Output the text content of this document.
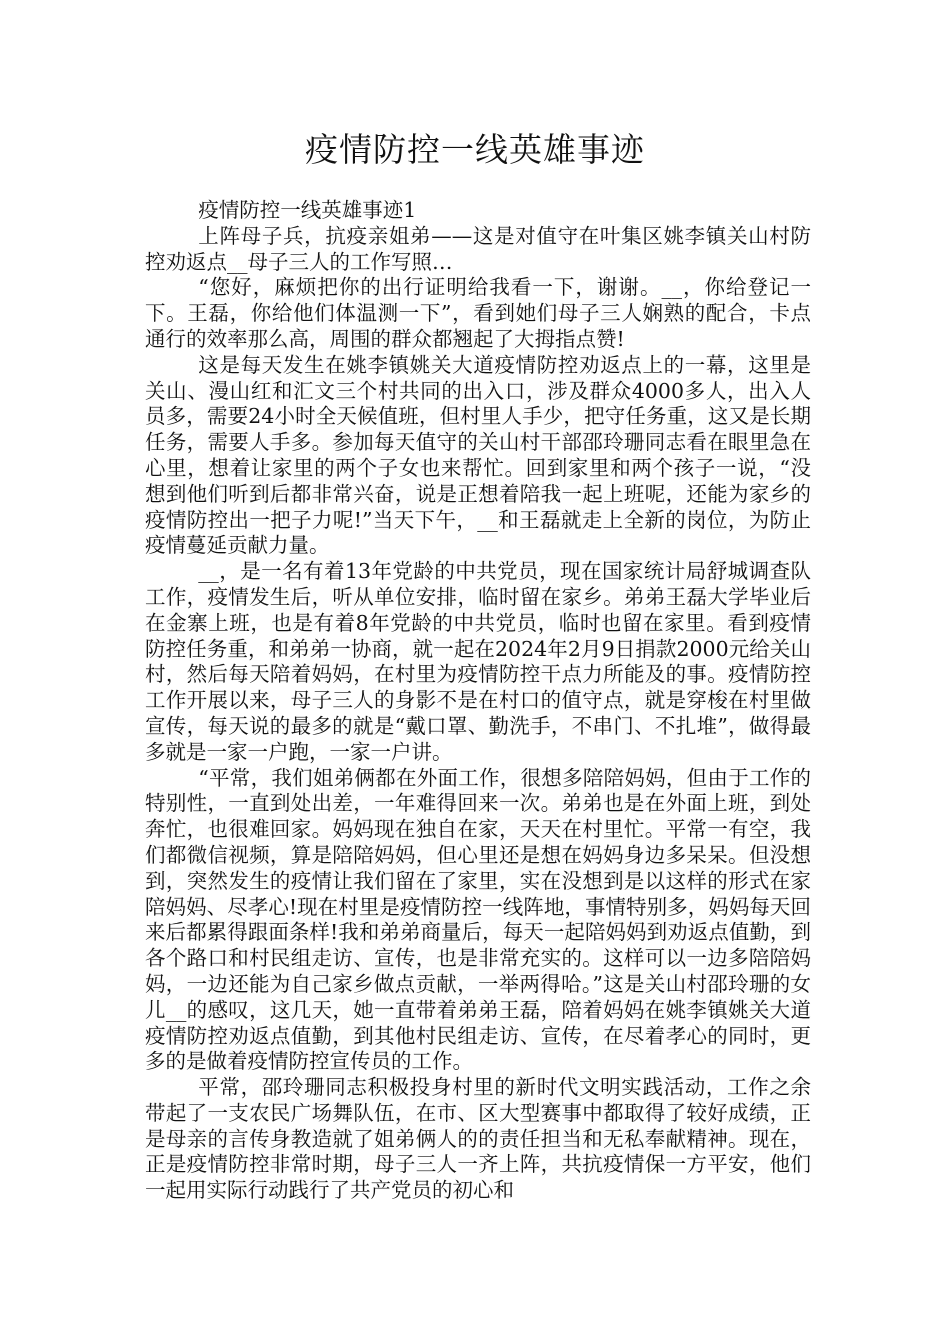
疫情防控一线英雄事迹

疫情防控一线英雄事迹1

上阵母子兵，抗疫亲姐弟——这是对值守在叶集区姚李镇关山村防控劝返点__母子三人的工作写照…

“您好，麻烦把你的出行证明给我看一下，谢谢。__，你给登记一下。王磊，你给他们体温测一下”，看到她们母子三人娴熟的配合，卡点通行的效率那么高，周围的群众都翘起了大拇指点赞!

这是每天发生在姚李镇姚关大道疫情防控劝返点上的一幕，这里是关山、漫山红和汇文三个村共同的出入口，涉及群众4000多人，出入人员多，需要24小时全天候值班，但村里人手少，把守任务重，这又是长期任务，需要人手多。参加每天值守的关山村干部邵玲珊同志看在眼里急在心里，想着让家里的两个子女也来帮忙。回到家里和两个孩子一说，“没想到他们听到后都非常兴奋，说是正想着陪我一起上班呢，还能为家乡的疫情防控出一把子力呢!”当天下午，__和王磊就走上全新的岗位，为防止疫情蔓延贡献力量。

__，是一名有着13年党龄的中共党员，现在国家统计局舒城调查队工作，疫情发生后，听从单位安排，临时留在家乡。弟弟王磊大学毕业后在金寨上班，也是有着8年党龄的中共党员，临时也留在家里。看到疫情防控任务重，和弟弟一协商，就一起在2024年2月9日捐款2000元给关山村，然后每天陪着妈妈，在村里为疫情防控干点力所能及的事。疫情防控工作开展以来，母子三人的身影不是在村口的值守点，就是穿梭在村里做宣传，每天说的最多的就是“戴口罩、勤洗手，不串门、不扎堆”，做得最多就是一家一户跑，一家一户讲。

“平常，我们姐弟俩都在外面工作，很想多陪陪妈妈，但由于工作的特别性，一直到处出差，一年难得回来一次。弟弟也是在外面上班，到处奔忙，也很难回家。妈妈现在独自在家，天天在村里忙。平常一有空，我们都微信视频，算是陪陪妈妈，但心里还是想在妈妈身边多呆呆。但没想到，突然发生的疫情让我们留在了家里，实在没想到是以这样的形式在家陪妈妈、尽孝心!现在村里是疫情防控一线阵地，事情特别多，妈妈每天回来后都累得跟面条样!我和弟弟商量后，每天一起陪妈妈到劝返点值勤，到各个路口和村民组走访、宣传，也是非常充实的。这样可以一边多陪陪妈妈，一边还能为自己家乡做点贡献，一举两得哈。”这是关山村邵玲珊的女儿__的感叹，这几天，她一直带着弟弟王磊，陪着妈妈在姚李镇姚关大道疫情防控劝返点值勤，到其他村民组走访、宣传，在尽着孝心的同时，更多的是做着疫情防控宣传员的工作。

平常，邵玲珊同志积极投身村里的新时代文明实践活动，工作之余带起了一支农民广场舞队伍，在市、区大型赛事中都取得了较好成绩，正是母亲的言传身教造就了姐弟俩人的的责任担当和无私奉献精神。现在，正是疫情防控非常时期，母子三人一齐上阵，共抗疫情保一方平安，他们一起用实际行动践行了共产党员的初心和
